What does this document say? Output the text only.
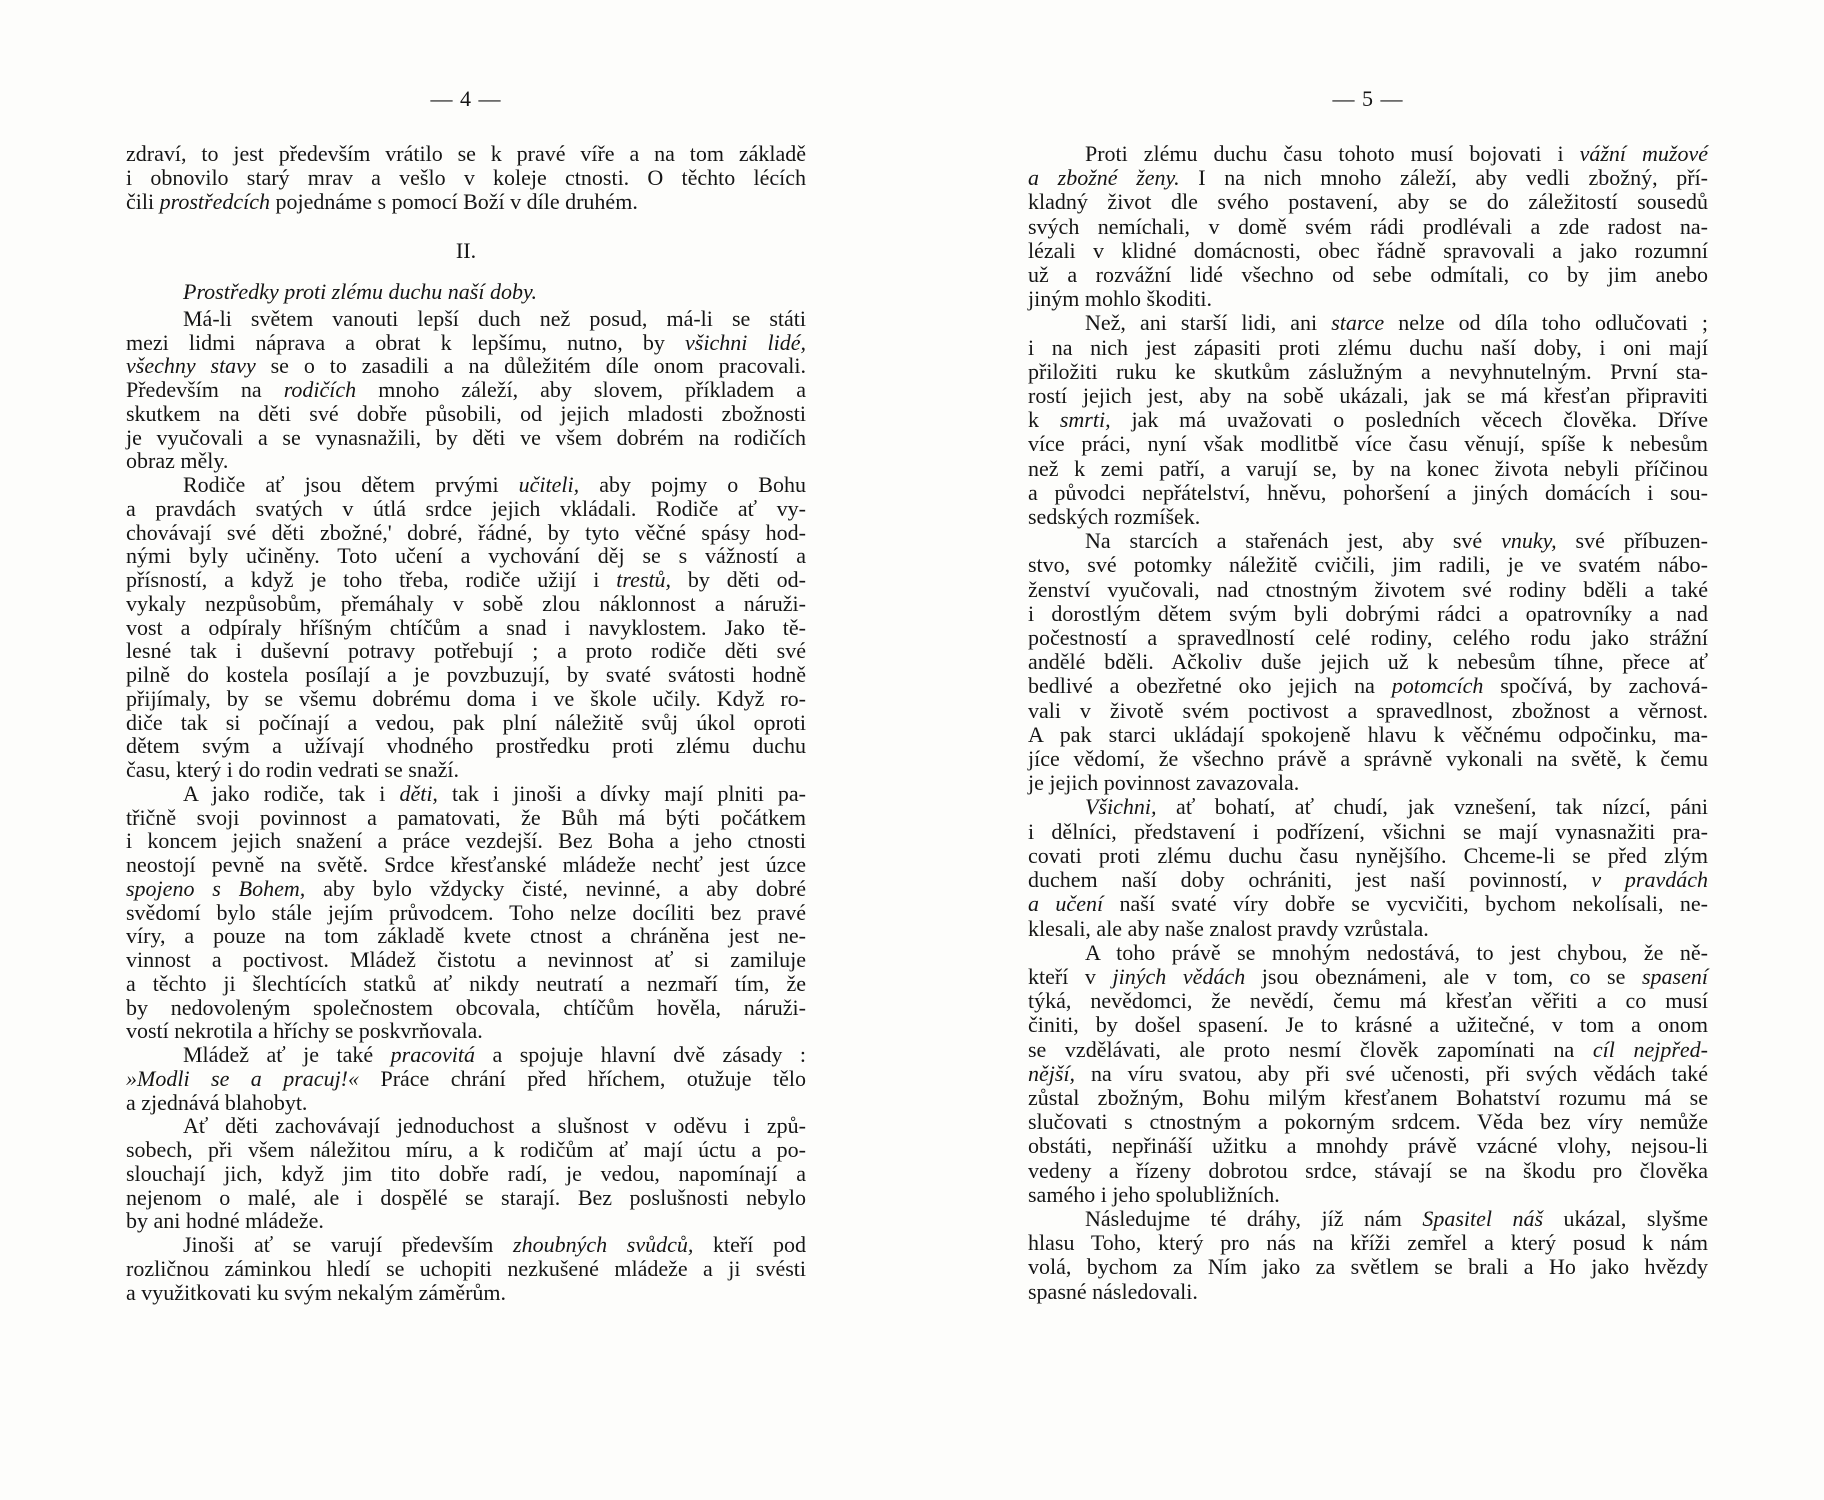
— 4 —
zdraví, to jest především vrátilo se k pravé víře a na tom základě
i obnovilo starý mrav a vešlo v koleje ctnosti. O těchto lécích
čili prostředcích pojednáme s pomocí Boží v díle druhém.
II.
Prostředky proti zlému duchu naší doby.
Má-li světem vanouti lepší duch než posud, má-li se státi
mezi lidmi náprava a obrat k lepšímu, nutno, by všichni lidé,
všechny stavy se o to zasadili a na důležitém díle onom pracovali.
Především na rodičích mnoho záleží, aby slovem, příkladem a
skutkem na děti své dobře působili, od jejich mladosti zbožnosti
je vyučovali a se vynasnažili, by děti ve všem dobrém na rodičích
obraz měly.
Rodiče ať jsou dětem prvými učiteli, aby pojmy o Bohu
a pravdách svatých v útlá srdce jejich vkládali. Rodiče ať vy-
chovávají své děti zbožné,' dobré, řádné, by tyto věčné spásy hod-
nými byly učiněny. Toto učení a vychování děj se s vážností a
přísností, a když je toho třeba, rodiče užijí i trestů, by děti od-
vykaly nezpůsobům, přemáhaly v sobě zlou náklonnost a náruži-
vost a odpíraly hříšným chtíčům a snad i navyklostem. Jako tě-
lesné tak i duševní potravy potřebují ; a proto rodiče děti své
pilně do kostela posílají a je povzbuzují, by svaté svátosti hodně
přijímaly, by se všemu dobrému doma i ve škole učily. Když ro-
diče tak si počínají a vedou, pak plní náležitě svůj úkol oproti
dětem svým a užívají vhodného prostředku proti zlému duchu
času, který i do rodin vedrati se snaží.
A jako rodiče, tak i děti, tak i jinoši a dívky mají plniti pa-
třičně svoji povinnost a pamatovati, že Bůh má býti počátkem
i koncem jejich snažení a práce vezdejší. Bez Boha a jeho ctnosti
neostojí pevně na světě. Srdce křesťanské mládeže nechť jest úzce
spojeno s Bohem, aby bylo vždycky čisté, nevinné, a aby dobré
svědomí bylo stále jejím průvodcem. Toho nelze docíliti bez pravé
víry, a pouze na tom základě kvete ctnost a chráněna jest ne-
vinnost a poctivost. Mládež čistotu a nevinnost ať si zamiluje
a těchto ji šlechtících statků ať nikdy neutratí a nezmaří tím, že
by nedovoleným společnostem obcovala, chtíčům hověla, náruži-
vostí nekrotila a hříchy se poskvrňovala.
Mládež ať je také pracovitá a spojuje hlavní dvě zásady :
»Modli se a pracuj!« Práce chrání před hříchem, otužuje tělo
a zjednává blahobyt.
Ať děti zachovávají jednoduchost a slušnost v oděvu i způ-
sobech, při všem náležitou míru, a k rodičům ať mají úctu a po-
slouchají jich, když jim tito dobře radí, je vedou, napomínají a
nejenom o malé, ale i dospělé se starají. Bez poslušnosti nebylo
by ani hodné mládeže.
Jinoši ať se varují především zhoubných svůdců, kteří pod
rozličnou záminkou hledí se uchopiti nezkušené mládeže a ji svésti
a využitkovati ku svým nekalým záměrům.
— 5 —
Proti zlému duchu času tohoto musí bojovati i vážní mužové
a zbožné ženy. I na nich mnoho záleží, aby vedli zbožný, pří-
kladný život dle svého postavení, aby se do záležitostí sousedů
svých nemíchali, v domě svém rádi prodlévali a zde radost na-
lézali v klidné domácnosti, obec řádně spravovali a jako rozumní
už a rozvážní lidé všechno od sebe odmítali, co by jim anebo
jiným mohlo škoditi.
Než, ani starší lidi, ani starce nelze od díla toho odlučovati ;
i na nich jest zápasiti proti zlému duchu naší doby, i oni mají
přiložiti ruku ke skutkům záslužným a nevyhnutelným. První sta-
rostí jejich jest, aby na sobě ukázali, jak se má křesťan připraviti
k smrti, jak má uvažovati o posledních věcech člověka. Dříve
více práci, nyní však modlitbě více času věnují, spíše k nebesům
než k zemi patří, a varují se, by na konec života nebyli příčinou
a původci nepřátelství, hněvu, pohoršení a jiných domácích i sou-
sedských rozmíšek.
Na starcích a stařenách jest, aby své vnuky, své příbuzen-
stvo, své potomky náležitě cvičili, jim radili, je ve svatém nábo-
ženství vyučovali, nad ctnostným životem své rodiny bděli a také
i dorostlým dětem svým byli dobrými rádci a opatrovníky a nad
počestností a spravedlností celé rodiny, celého rodu jako strážní
andělé bděli. Ačkoliv duše jejich už k nebesům tíhne, přece ať
bedlivé a obezřetné oko jejich na potomcích spočívá, by zachová-
vali v životě svém poctivost a spravedlnost, zbožnost a věrnost.
A pak starci ukládají spokojeně hlavu k věčnému odpočinku, ma-
jíce vědomí, že všechno právě a správně vykonali na světě, k čemu
je jejich povinnost zavazovala.
Všichni, ať bohatí, ať chudí, jak vznešení, tak nízcí, páni
i dělníci, představení i podřízení, všichni se mají vynasnažiti pra-
covati proti zlému duchu času nynějšího. Chceme-li se před zlým
duchem naší doby ochrániti, jest naší povinností, v pravdách
a učení naší svaté víry dobře se vycvičiti, bychom nekolísali, ne-
klesali, ale aby naše znalost pravdy vzrůstala.
A toho právě se mnohým nedostává, to jest chybou, že ně-
kteří v jiných vědách jsou obeznámeni, ale v tom, co se spasení
týká, nevědomci, že nevědí, čemu má křesťan věřiti a co musí
činiti, by došel spasení. Je to krásné a užitečné, v tom a onom
se vzdělávati, ale proto nesmí člověk zapomínati na cíl nejpřed-
nější, na víru svatou, aby při své učenosti, při svých vědách také
zůstal zbožným, Bohu milým křesťanem Bohatství rozumu má se
slučovati s ctnostným a pokorným srdcem. Věda bez víry nemůže
obstáti, nepřináší užitku a mnohdy právě vzácné vlohy, nejsou-li
vedeny a řízeny dobrotou srdce, stávají se na škodu pro člověka
samého i jeho spolubližních.
Následujme té dráhy, jíž nám Spasitel náš ukázal, slyšme
hlasu Toho, který pro nás na kříži zemřel a který posud k nám
volá, bychom za Ním jako za světlem se brali a Ho jako hvězdy
spasné následovali.
